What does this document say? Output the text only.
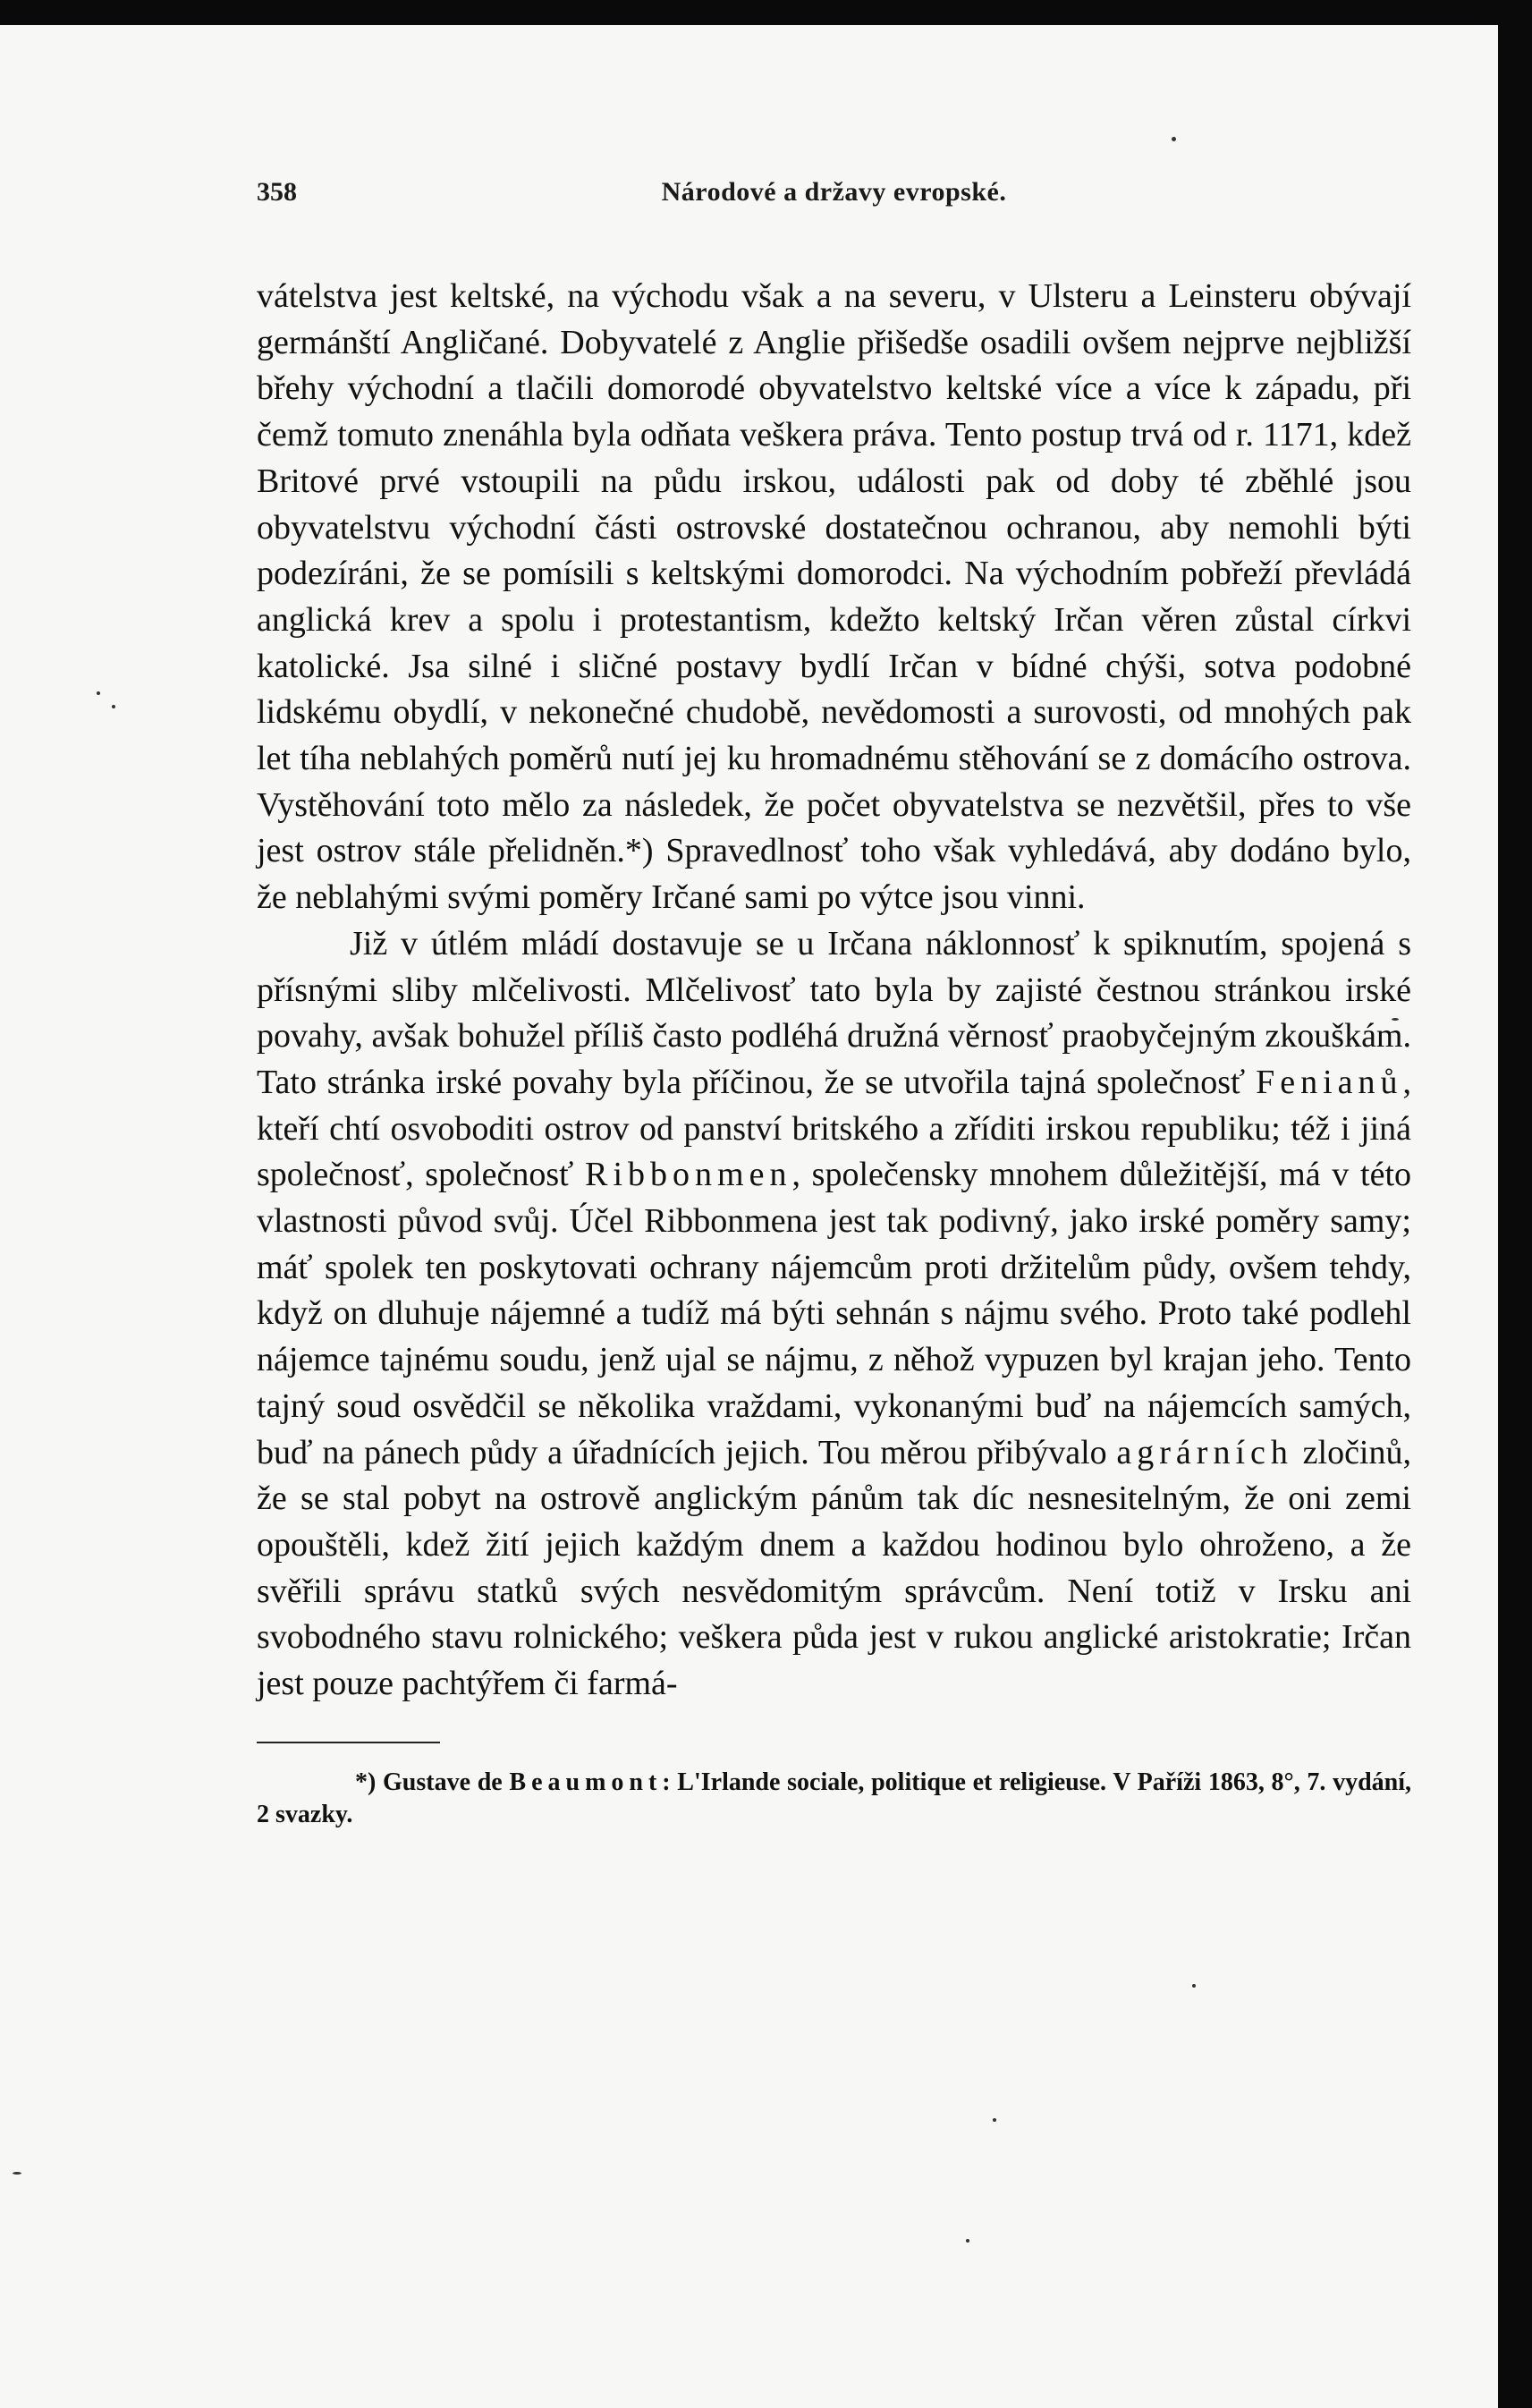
358	Národové a državy evropské.

vátelstva jest keltské, na východu však a na severu, v Ulsteru a Leinsteru obývají germánští Angličané. Dobyvatelé z Anglie přišedše osadili ovšem nejprve nejbližší břehy východní a tlačili domorodé obyvatelstvo keltské více a více k západu, při čemž tomuto znenáhla byla odňata veškera práva. Tento postup trvá od r. 1171, kdež Britové prvé vstoupili na půdu irskou, události pak od doby té zběhlé jsou obyvatelstvu východní části ostrovské dostatečnou ochranou, aby nemohli býti podezíráni, že se pomísili s keltskými domorodci. Na východním pobřeží převládá anglická krev a spolu i protestantism, kdežto keltský Irčan věren zůstal církvi katolické. Jsa silné i sličné postavy bydlí Irčan v bídné chýši, sotva podobné lidskému obydlí, v nekonečné chudobě, nevědomosti a surovosti, od mnohých pak let tíha neblahých poměrů nutí jej ku hromadnému stěhování se z domácího ostrova. Vystěhování toto mělo za následek, že počet obyvatelstva se nezvětšil, přes to vše jest ostrov stále přelidněn.*) Spravedlnosť toho však vyhledává, aby dodáno bylo, že neblahými svými poměry Irčané sami po výtce jsou vinni.

Již v útlém mládí dostavuje se u Irčana náklonnosť k spiknutím, spojená s přísnými sliby mlčelivosti. Mlčelivosť tato byla by zajisté čestnou stránkou irské povahy, avšak bohužel příliš často podléhá družná věrnosť praobyčejným zkouškám. Tato stránka irské povahy byla příčinou, že se utvořila tajná společnosť Fenianů, kteří chtí osvoboditi ostrov od panství britského a zříditi irskou republiku; též i jiná společnosť, společnosť Ribbonmen, společensky mnohem důležitější, má v této vlastnosti původ svůj. Účel Ribbonmena jest tak podivný, jako irské poměry samy; máť spolek ten poskytovati ochrany nájemcům proti držitelům půdy, ovšem tehdy, když on dluhuje nájemné a tudíž má býti sehnán s nájmu svého. Proto také podlehl nájemce tajnému soudu, jenž ujal se nájmu, z něhož vypuzen byl krajan jeho. Tento tajný soud osvědčil se několika vraždami, vykonanými buď na nájemcích samých, buď na pánech půdy a úřadnících jejich. Tou měrou přibývalo agrárních zločinů, že se stal pobyt na ostrově anglickým pánům tak díc nesnesitelným, že oni zemi opouštěli, kdež žití jejich každým dnem a každou hodinou bylo ohroženo, a že svěřili správu statků svých nesvědomitým správcům. Není totiž v Irsku ani svobodného stavu rolnického; veškera půda jest v rukou anglické aristokratie; Irčan jest pouze pachtýřem či farmá-

*) Gustave de Beaumont: L'Irlande sociale, politique et religieuse. V Paříži 1863, 8°, 7. vydání, 2 svazky.
